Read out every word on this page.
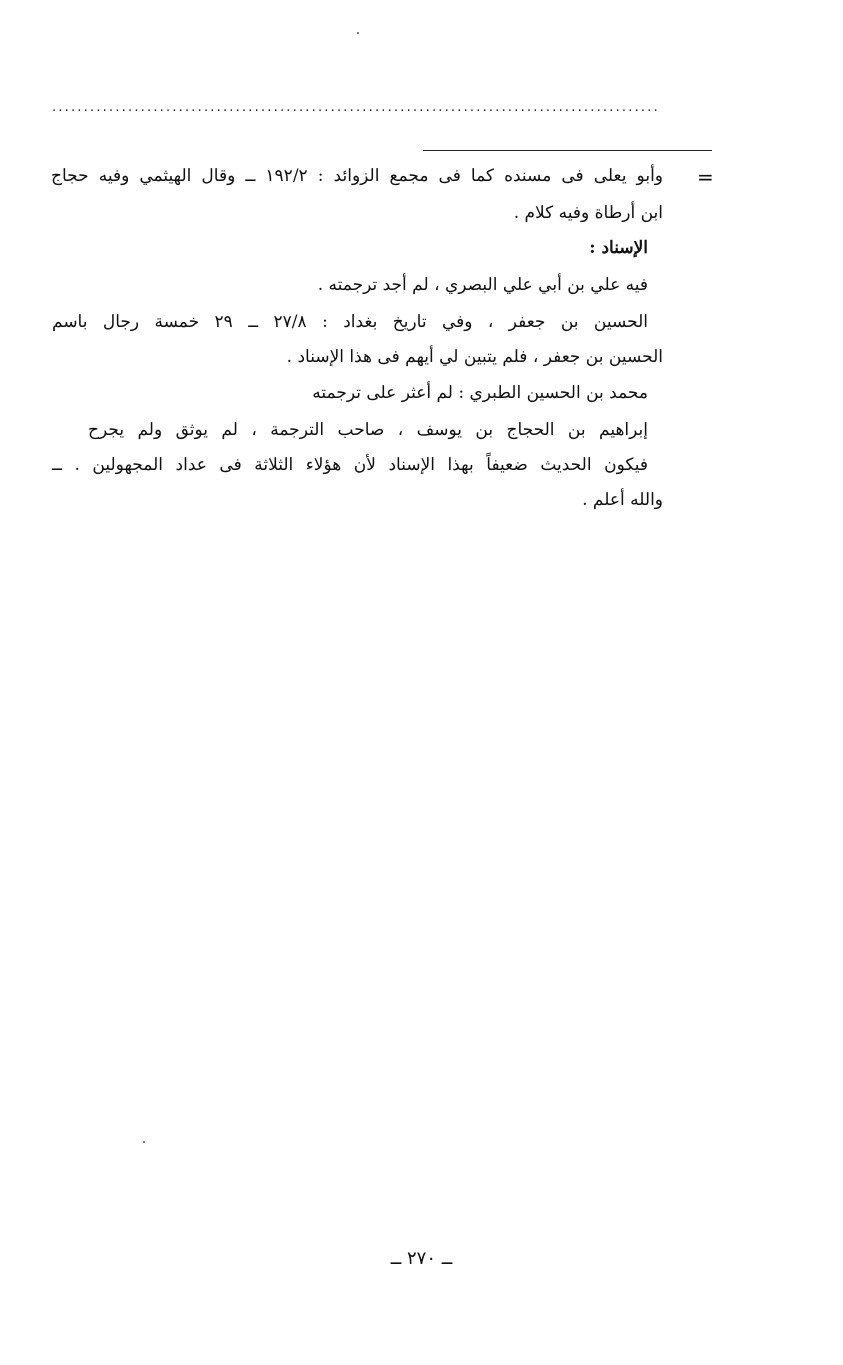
................................................................................................
=
وأبو يعلى فى مسنده كما فى مجمع الزوائد : ١٩٢/٢ ــ وقال الهيثمي وفيه حجاج
ابن أرطاة وفيه كلام .
الإسناد :
فيه علي بن أبي علي البصري ، لم أجد ترجمته .
الحسين بن جعفر ، وفي تاريخ بغداد : ٢٧/٨ ــ ٢٩ خمسة رجال باسم
الحسين بن جعفر ، فلم يتبين لي أيهم فى هذا الإسناد .
محمد بن الحسين الطبري : لم أعثر على ترجمته
إبراهيم بن الحجاج بن يوسف ، صاحب الترجمة ، لم يوثق ولم يجرح
فيكون الحديث ضعيفاً بهذا الإسناد لأن هؤلاء الثلاثة فى عداد المجهولين . ــ
والله أعلم .
ــ ٢٧٠ ــ
